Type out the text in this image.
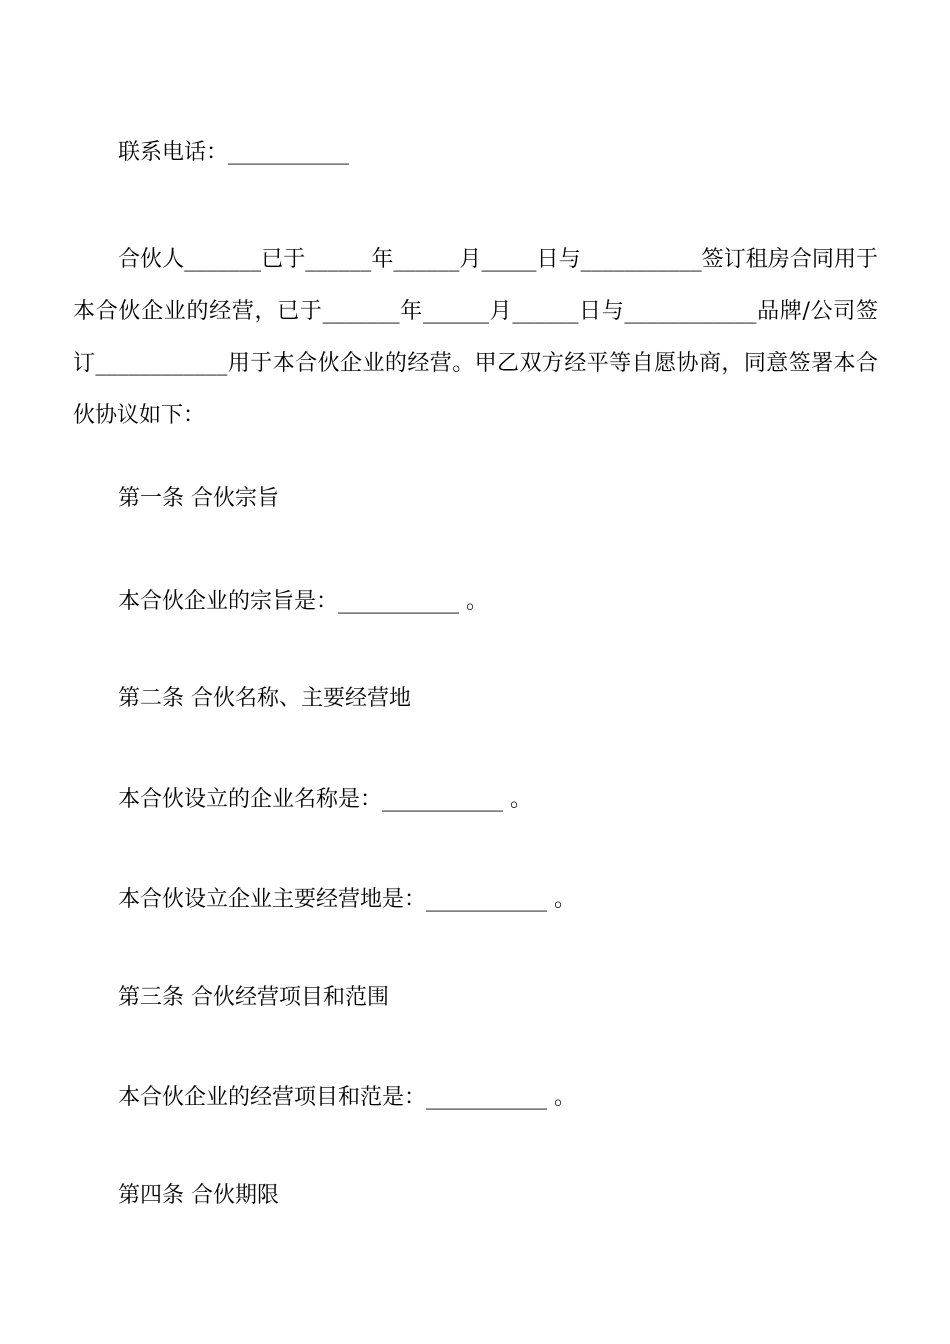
联系电话：___________
合伙人_______已于______年______月_____日与___________签订租房合同用于本合伙企业的经营，已于_______年______月______日与____________品牌/公司签订____________用于本合伙企业的经营。甲乙双方经平等自愿协商，同意签署本合伙协议如下：
第一条 合伙宗旨
本合伙企业的宗旨是：___________ 。
第二条 合伙名称、主要经营地
本合伙设立的企业名称是：___________ 。
本合伙设立企业主要经营地是：___________ 。
第三条 合伙经营项目和范围
本合伙企业的经营项目和范是：___________ 。
第四条 合伙期限
